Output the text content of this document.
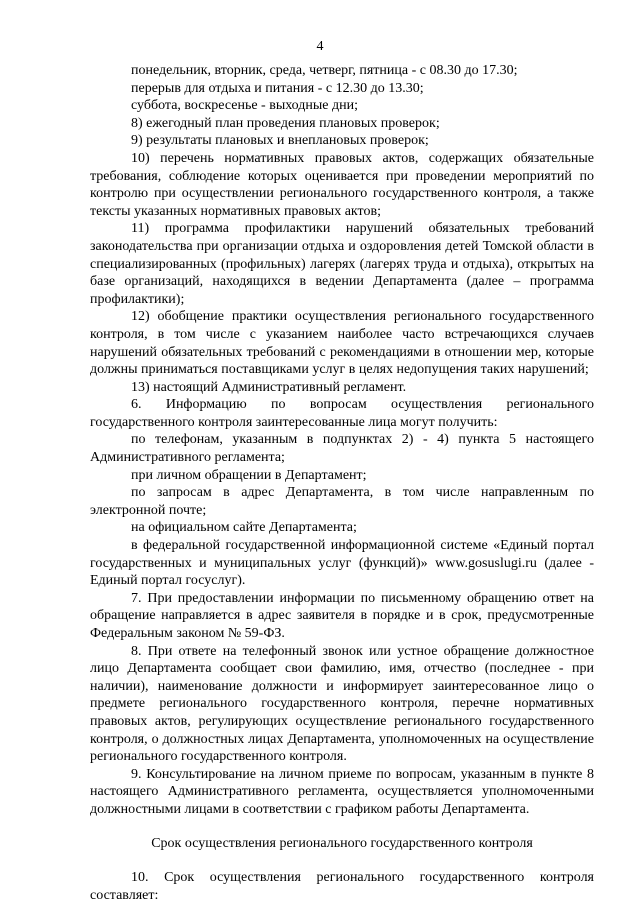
4

понедельник, вторник, среда, четверг, пятница - с 08.30 до 17.30;

перерыв для отдыха и питания - с 12.30 до 13.30;

суббота, воскресенье - выходные дни;

8) ежегодный план проведения плановых проверок;

9) результаты плановых и внеплановых проверок;

10) перечень нормативных правовых актов, содержащих обязательные требования, соблюдение которых оценивается при проведении мероприятий по контролю при осуществлении регионального государственного контроля, а также тексты указанных нормативных правовых актов;

11) программа профилактики нарушений обязательных требований законодательства при организации отдыха и оздоровления детей Томской области в специализированных (профильных) лагерях (лагерях труда и отдыха), открытых на базе организаций, находящихся в ведении Департамента (далее – программа профилактики);

12) обобщение практики осуществления регионального государственного контроля, в том числе с указанием наиболее часто встречающихся случаев нарушений обязательных требований с рекомендациями в отношении мер, которые должны приниматься поставщиками услуг в целях недопущения таких нарушений;

13) настоящий Административный регламент.

6. Информацию по вопросам осуществления регионального государственного контроля заинтересованные лица могут получить:

по телефонам, указанным в подпунктах 2) - 4) пункта 5 настоящего Административного регламента;

при личном обращении в Департамент;

по запросам в адрес Департамента, в том числе направленным по электронной почте;

на официальном сайте Департамента;

в федеральной государственной информационной системе «Единый портал государственных и муниципальных услуг (функций)» www.gosuslugi.ru (далее - Единый портал госуслуг).

7. При предоставлении информации по письменному обращению ответ на обращение направляется в адрес заявителя в порядке и в срок, предусмотренные Федеральным законом № 59-ФЗ.

8. При ответе на телефонный звонок или устное обращение должностное лицо Департамента сообщает свои фамилию, имя, отчество (последнее - при наличии), наименование должности и информирует заинтересованное лицо о предмете регионального государственного контроля, перечне нормативных правовых актов, регулирующих осуществление регионального государственного контроля, о должностных лицах Департамента, уполномоченных на осуществление регионального государственного контроля.

9. Консультирование на личном приеме по вопросам, указанным в пункте 8 настоящего Административного регламента, осуществляется уполномоченными должностными лицами в соответствии с графиком работы Департамента.

Срок осуществления регионального государственного контроля

10. Срок осуществления регионального государственного контроля составляет:
